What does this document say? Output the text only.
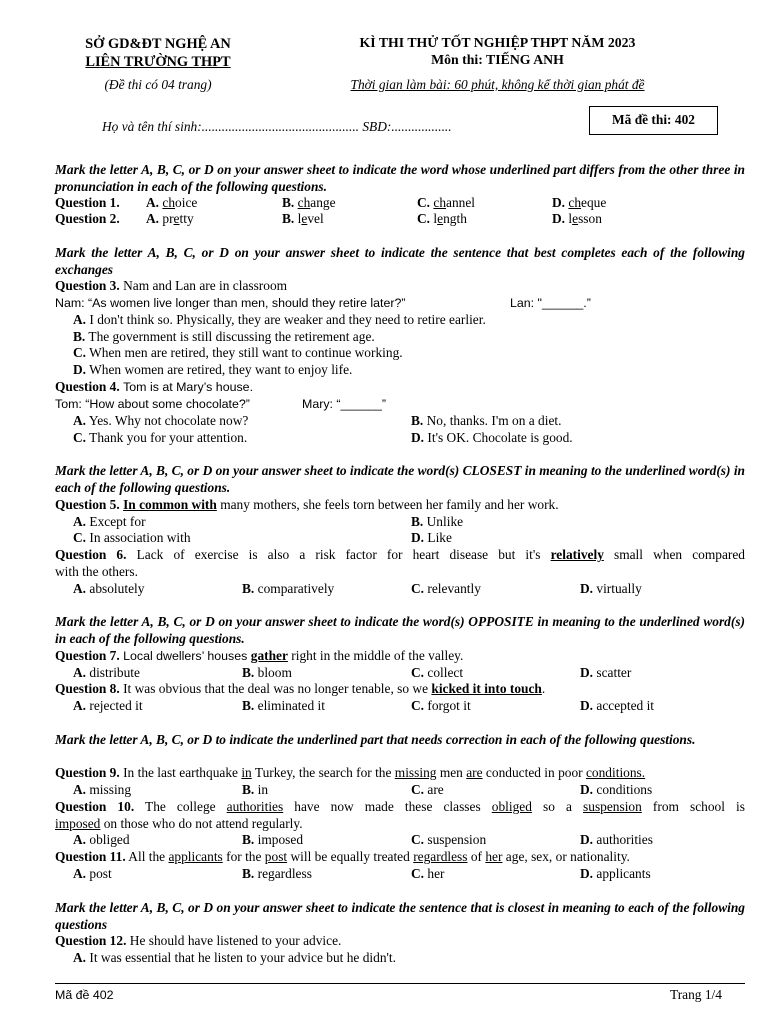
SỞ GD&ĐT NGHỆ AN
LIÊN TRƯỜNG THPT
(Đề thi có 04 trang)
KÌ THI THỬ TỐT NGHIỆP THPT NĂM 2023
Môn thi: TIẾNG ANH
Thời gian làm bài: 60 phút, không kể thời gian phát đề
Mã đề thi: 402
Họ và tên thí sinh:............................................... SBD:..................
Mark the letter A, B, C, or D on your answer sheet to indicate the word whose underlined part differs from the other three in pronunciation in each of the following questions.
Question 1. A. choice	B. change	C. channel	D. cheque
Question 2. A. pretty	B. level	C. length	D. lesson
Mark the letter A, B, C, or D on your answer sheet to indicate the sentence that best completes each of the following exchanges
Question 3. Nam and Lan are in classroom
Nam: “As women live longer than men, should they retire later?”	Lan: "______.”
A. I don't think so. Physically, they are weaker and they need to retire earlier.
B. The government is still discussing the retirement age.
C. When men are retired, they still want to continue working.
D. When women are retired, they want to enjoy life.
Question 4. Tom is at Mary’s house.
Tom: “How about some chocolate?”	Mary: “______”
A. Yes. Why not chocolate now?	B. No, thanks. I'm on a diet.
C. Thank you for your attention.	D. It's OK. Chocolate is good.
Mark the letter A, B, C, or D on your answer sheet to indicate the word(s) CLOSEST in meaning to the underlined word(s) in each of the following questions.
Question 5. In common with many mothers, she feels torn between her family and her work.
A. Except for	B. Unlike
C. In association with	D. Like
Question 6. Lack of exercise is also a risk factor for heart disease but it's relatively small when compared
with the others.
A. absolutely	B. comparatively	C. relevantly	D. virtually
Mark the letter A, B, C, or D on your answer sheet to indicate the word(s) OPPOSITE in meaning to the underlined word(s) in each of the following questions.
Question 7. Local dwellers’ houses gather right in the middle of the valley.
A. distribute	B. bloom	C. collect	D. scatter
Question 8. It was obvious that the deal was no longer tenable, so we kicked it into touch.
A. rejected it	B. eliminated it	C. forgot it	D. accepted it
Mark the letter A, B, C, or D to indicate the underlined part that needs correction in each of the following questions.
Question 9. In the last earthquake in Turkey, the search for the missing men are conducted in poor conditions.
A. missing	B. in	C. are	D. conditions
Question 10. The college authorities have now made these classes obliged so a suspension from school is
imposed on those who do not attend regularly.
A. obliged	B. imposed	C. suspension	D. authorities
Question 11. All the applicants for the post will be equally treated regardless of her age, sex, or nationality.
A. post	B. regardless	C. her	D. applicants
Mark the letter A, B, C, or D on your answer sheet to indicate the sentence that is closest in meaning to each of the following questions
Question 12. He should have listened to your advice.
A. It was essential that he listen to your advice but he didn't.
Mã đề 402	Trang 1/4
